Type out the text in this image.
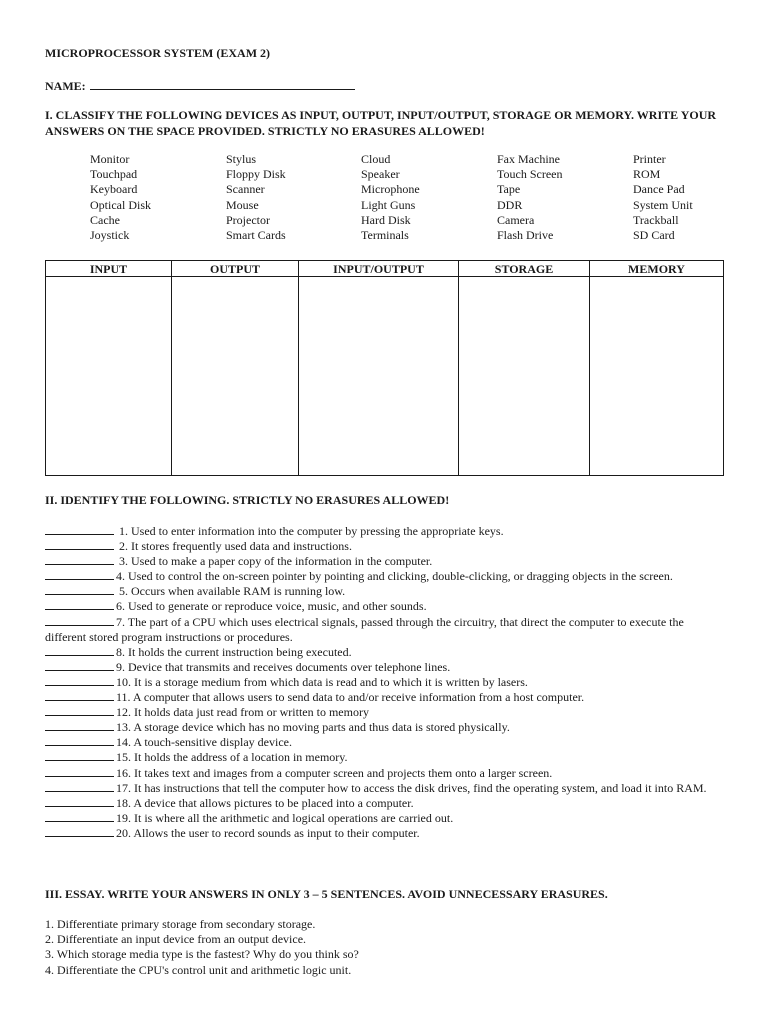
MICROPROCESSOR SYSTEM (EXAM 2)
NAME:
I. CLASSIFY THE FOLLOWING DEVICES AS INPUT, OUTPUT, INPUT/OUTPUT, STORAGE OR MEMORY. WRITE YOUR ANSWERS ON THE SPACE PROVIDED. STRICTLY NO ERASURES ALLOWED!
Monitor
Touchpad
Keyboard
Optical Disk
Cache
Joystick
Stylus
Floppy Disk
Scanner
Mouse
Projector
Smart Cards
Cloud
Speaker
Microphone
Light Guns
Hard Disk
Terminals
Fax Machine
Touch Screen
Tape
DDR
Camera
Flash Drive
Printer
ROM
Dance Pad
System Unit
Trackball
SD Card
INPUT	OUTPUT	INPUT/OUTPUT	STORAGE	MEMORY

II. IDENTIFY THE FOLLOWING. STRICTLY NO ERASURES ALLOWED!
1. Used to enter information into the computer by pressing the appropriate keys.
2. It stores frequently used data and instructions.
3. Used to make a paper copy of the information in the computer.
4. Used to control the on-screen pointer by pointing and clicking, double-clicking, or dragging objects in the screen.
5. Occurs when available RAM is running low.
6. Used to generate or reproduce voice, music, and other sounds.
7. The part of a CPU which uses electrical signals, passed through the circuitry, that direct the computer to execute the different stored program instructions or procedures.
8. It holds the current instruction being executed.
9. Device that transmits and receives documents over telephone lines.
10. It is a storage medium from which data is read and to which it is written by lasers.
11. A computer that allows users to send data to and/or receive information from a host computer.
12. It holds data just read from or written to memory
13. A storage device which has no moving parts and thus data is stored physically.
14. A touch-sensitive display device.
15. It holds the address of a location in memory.
16. It takes text and images from a computer screen and projects them onto a larger screen.
17. It has instructions that tell the computer how to access the disk drives, find the operating system, and load it into RAM.
18. A device that allows pictures to be placed into a computer.
19. It is where all the arithmetic and logical operations are carried out.
20. Allows the user to record sounds as input to their computer.
III. ESSAY. WRITE YOUR ANSWERS IN ONLY 3 – 5 SENTENCES. AVOID UNNECESSARY ERASURES.
1. Differentiate primary storage from secondary storage.
2. Differentiate an input device from an output device.
3. Which storage media type is the fastest? Why do you think so?
4. Differentiate the CPU's control unit and arithmetic logic unit.
